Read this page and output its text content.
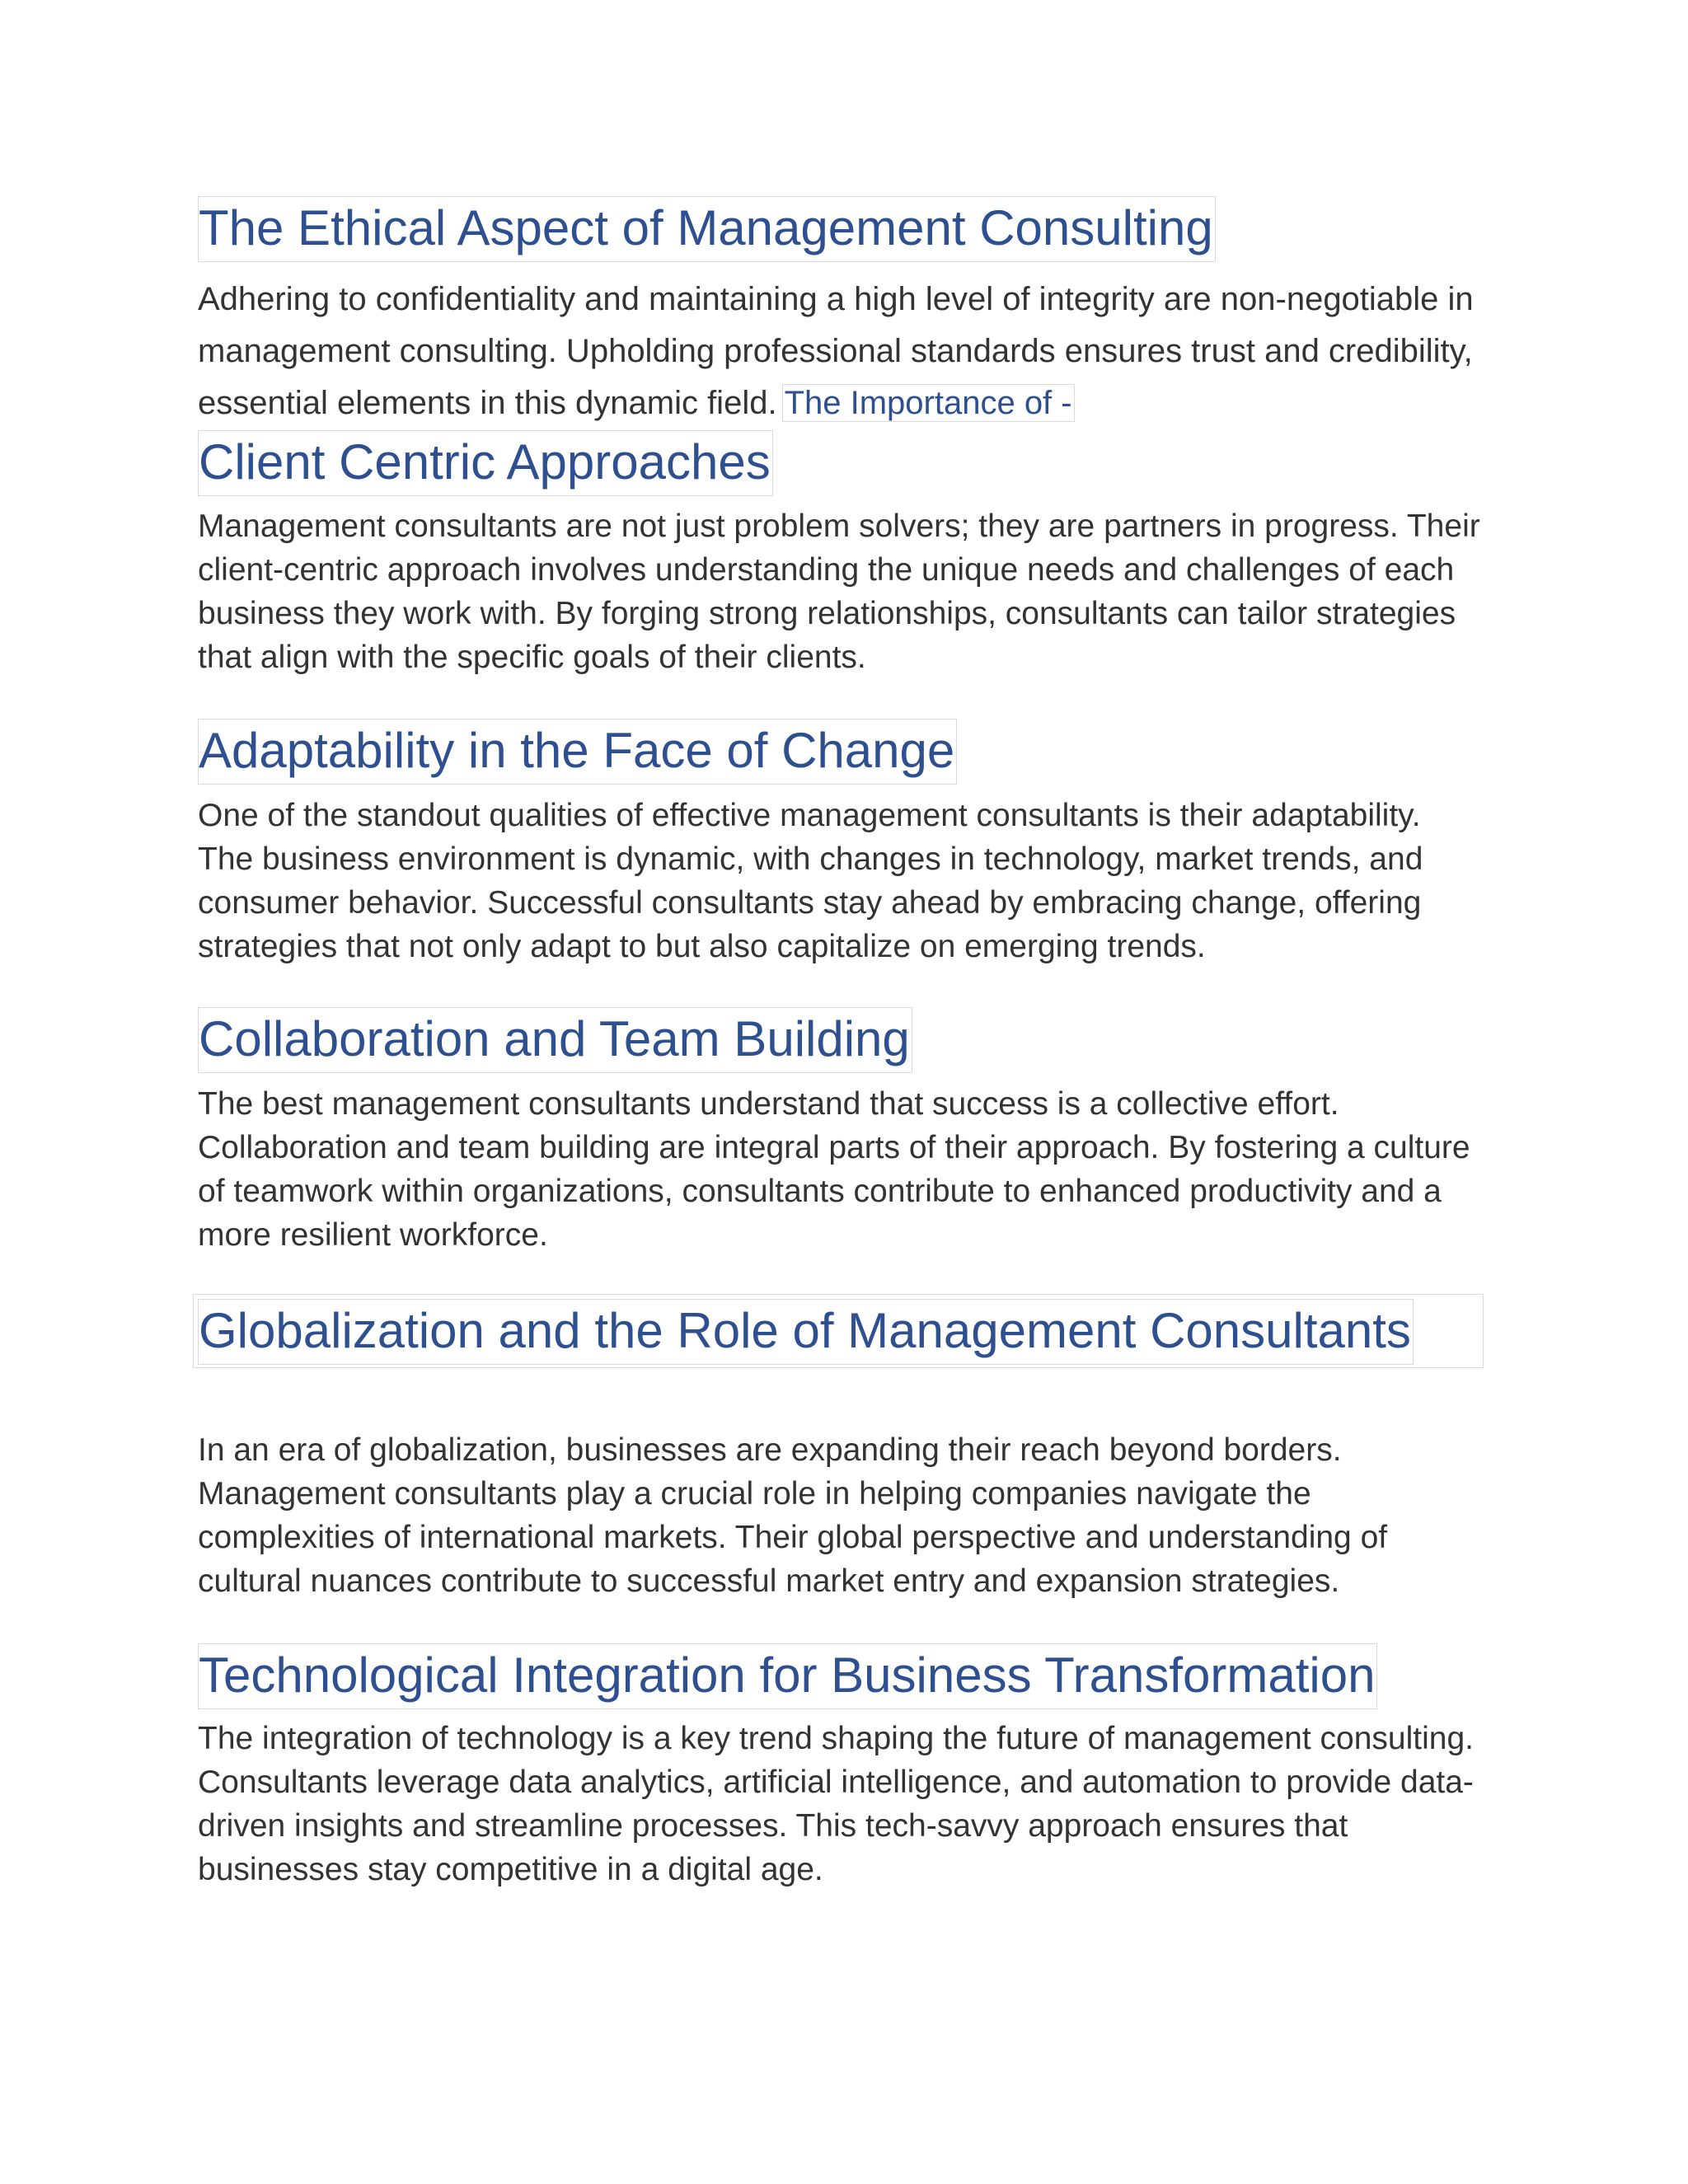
The Ethical Aspect of Management Consulting
Adhering to confidentiality and maintaining a high level of integrity are non-negotiable in management consulting. Upholding professional standards ensures trust and credibility, essential elements in this dynamic field. The Importance of -
Client Centric Approaches
Management consultants are not just problem solvers; they are partners in progress. Their client-centric approach involves understanding the unique needs and challenges of each business they work with. By forging strong relationships, consultants can tailor strategies that align with the specific goals of their clients.
Adaptability in the Face of Change
One of the standout qualities of effective management consultants is their adaptability. The business environment is dynamic, with changes in technology, market trends, and consumer behavior. Successful consultants stay ahead by embracing change, offering strategies that not only adapt to but also capitalize on emerging trends.
Collaboration and Team Building
The best management consultants understand that success is a collective effort. Collaboration and team building are integral parts of their approach. By fostering a culture of teamwork within organizations, consultants contribute to enhanced productivity and a more resilient workforce.
Globalization and the Role of Management Consultants
In an era of globalization, businesses are expanding their reach beyond borders. Management consultants play a crucial role in helping companies navigate the complexities of international markets. Their global perspective and understanding of cultural nuances contribute to successful market entry and expansion strategies.
Technological Integration for Business Transformation
The integration of technology is a key trend shaping the future of management consulting. Consultants leverage data analytics, artificial intelligence, and automation to provide data-driven insights and streamline processes. This tech-savvy approach ensures that businesses stay competitive in a digital age.
